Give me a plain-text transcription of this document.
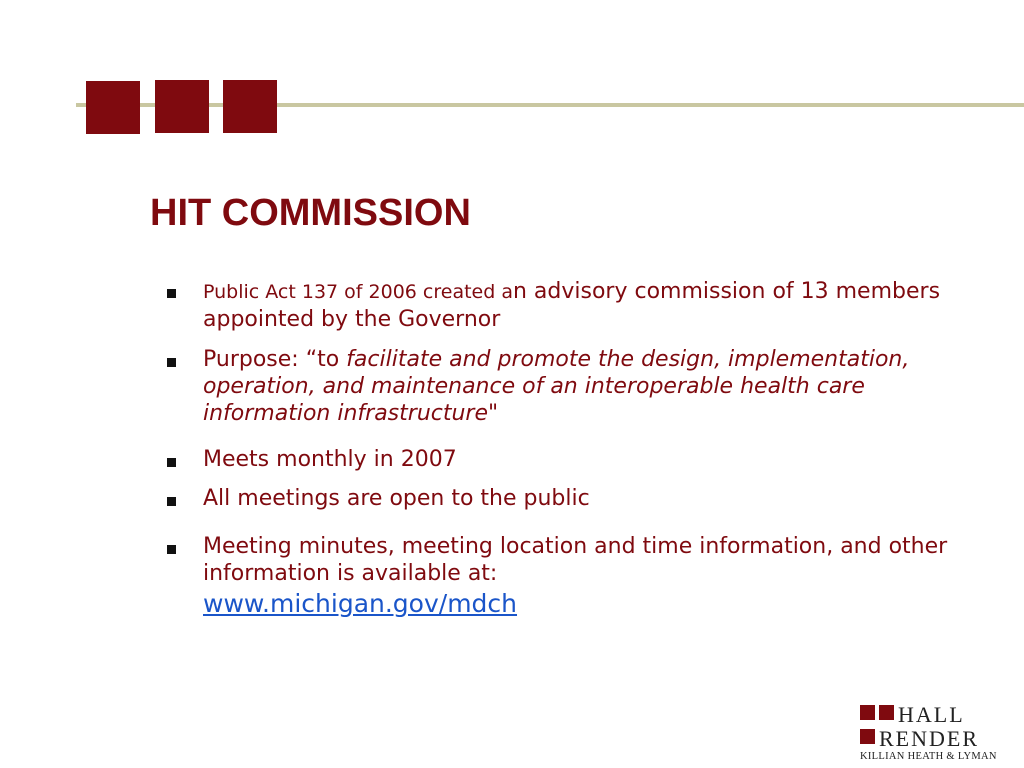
HIT COMMISSION
Public Act 137 of 2006 created an advisory commission of 13 members appointed by the Governor
Purpose: “to facilitate and promote the design, implementation, operation, and maintenance of an interoperable health care information infrastructure"
Meets monthly in 2007
All meetings are open to the public
Meeting minutes, meeting location and time information, and other information is available at:
www.michigan.gov/mdch
HALL
RENDER
KILLIAN HEATH & LYMAN
